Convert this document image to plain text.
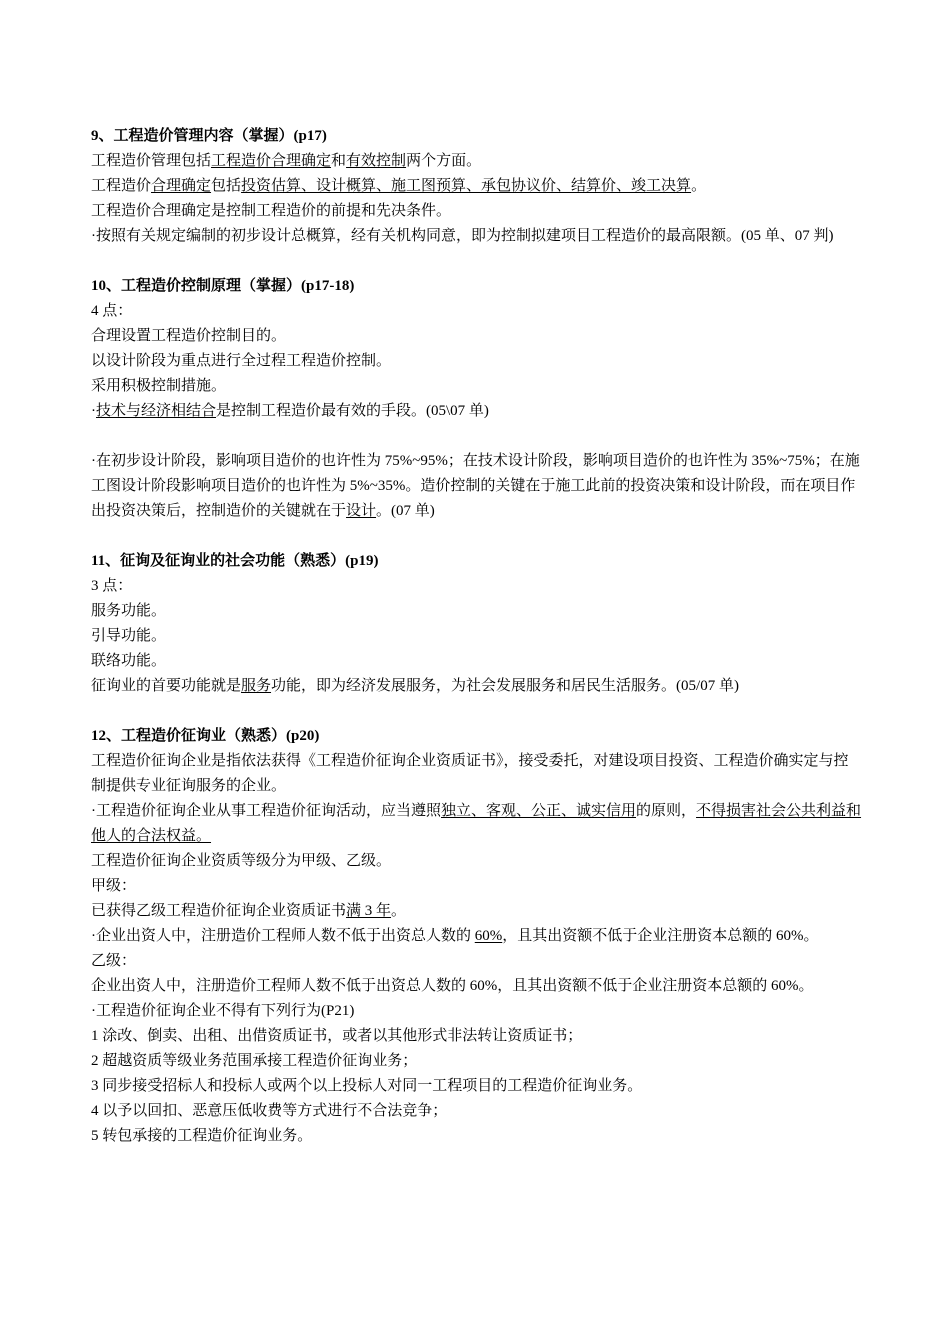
9、工程造价管理内容（掌握）(p17)

工程造价管理包括工程造价合理确定和有效控制两个方面。

工程造价合理确定包括投资估算、设计概算、施工图预算、承包协议价、结算价、竣工决算。

工程造价合理确定是控制工程造价的前提和先决条件。

·按照有关规定编制的初步设计总概算，经有关机构同意，即为控制拟建项目工程造价的最高限额。(05 单、07 判)

10、工程造价控制原理（掌握）(p17-18)

4 点：

合理设置工程造价控制目的。

以设计阶段为重点进行全过程工程造价控制。

采用积极控制措施。

·技术与经济相结合是控制工程造价最有效的手段。(05\07 单)

·在初步设计阶段，影响项目造价的也许性为 75%~95%；在技术设计阶段，影响项目造价的也许性为 35%~75%；在施工图设计阶段影响项目造价的也许性为 5%~35%。造价控制的关键在于施工此前的投资决策和设计阶段，而在项目作出投资决策后，控制造价的关键就在于设计。(07 单)

11、征询及征询业的社会功能（熟悉）(p19)

3 点：

服务功能。

引导功能。

联络功能。

征询业的首要功能就是服务功能，即为经济发展服务，为社会发展服务和居民生活服务。(05/07 单)

12、工程造价征询业（熟悉）(p20)

工程造价征询企业是指依法获得《工程造价征询企业资质证书》，接受委托，对建设项目投资、工程造价确实定与控制提供专业征询服务的企业。

·工程造价征询企业从事工程造价征询活动，应当遵照独立、客观、公正、诚实信用的原则，不得损害社会公共利益和他人的合法权益。

工程造价征询企业资质等级分为甲级、乙级。

甲级：

已获得乙级工程造价征询企业资质证书满 3 年。

·企业出资人中，注册造价工程师人数不低于出资总人数的 60%，且其出资额不低于企业注册资本总额的 60%。

乙级：

企业出资人中，注册造价工程师人数不低于出资总人数的 60%，且其出资额不低于企业注册资本总额的 60%。

·工程造价征询企业不得有下列行为(P21)

1 涂改、倒卖、出租、出借资质证书，或者以其他形式非法转让资质证书；

2 超越资质等级业务范围承接工程造价征询业务；

3 同步接受招标人和投标人或两个以上投标人对同一工程项目的工程造价征询业务。

4 以予以回扣、恶意压低收费等方式进行不合法竞争；

5 转包承接的工程造价征询业务。
